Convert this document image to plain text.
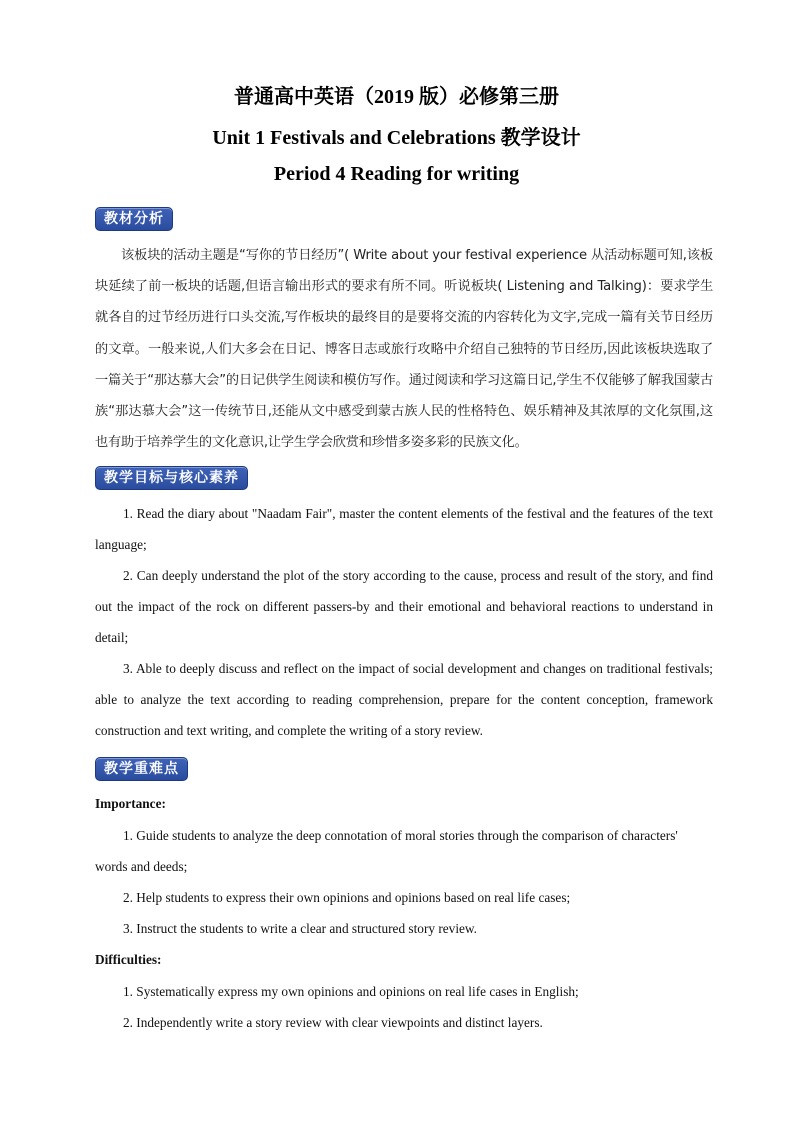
普通高中英语（2019 版）必修第三册
Unit 1 Festivals and Celebrations 教学设计
Period 4 Reading for writing
教材分析
该板块的活动主题是“写你的节日经历”( Write about your festival experience 从活动标题可知,该板块延续了前一板块的话题,但语言输出形式的要求有所不同。听说板块( Listening and Talking)：要求学生就各自的过节经历进行口头交流,写作板块的最终目的是要将交流的内容转化为文字,完成一篇有关节日经历的文章。一般来说,人们大多会在日记、博客日志或旅行攻略中介绍自己独特的节日经历,因此该板块选取了一篇关于“那达慕大会”的日记供学生阅读和模仿写作。通过阅读和学习这篇日记,学生不仅能够了解我国蒙古族“那达慕大会”这一传统节日,还能从文中感受到蒙古族人民的性格特色、娱乐精神及其浓厚的文化氛围,这也有助于培养学生的文化意识,让学生学会欣赏和珍惜多姿多彩的民族文化。
教学目标与核心素养

1. Read the diary about "Naadam Fair", master the content elements of the festival and the features of the text language;

2. Can deeply understand the plot of the story according to the cause, process and result of the story, and find out the impact of the rock on different passers-by and their emotional and behavioral reactions to understand in detail;

3. Able to deeply discuss and reflect on the impact of social development and changes on traditional festivals; able to analyze the text according to reading comprehension, prepare for the content conception, framework construction and text writing, and complete the writing of a story review.

教学重难点
Importance:

1. Guide students to analyze the deep connotation of moral stories through the comparison of characters' words and deeds;

2. Help students to express their own opinions and opinions based on real life cases;

3. Instruct the students to write a clear and structured story review.

Difficulties:

1. Systematically express my own opinions and opinions on real life cases in English;

2. Independently write a story review with clear viewpoints and distinct layers.
